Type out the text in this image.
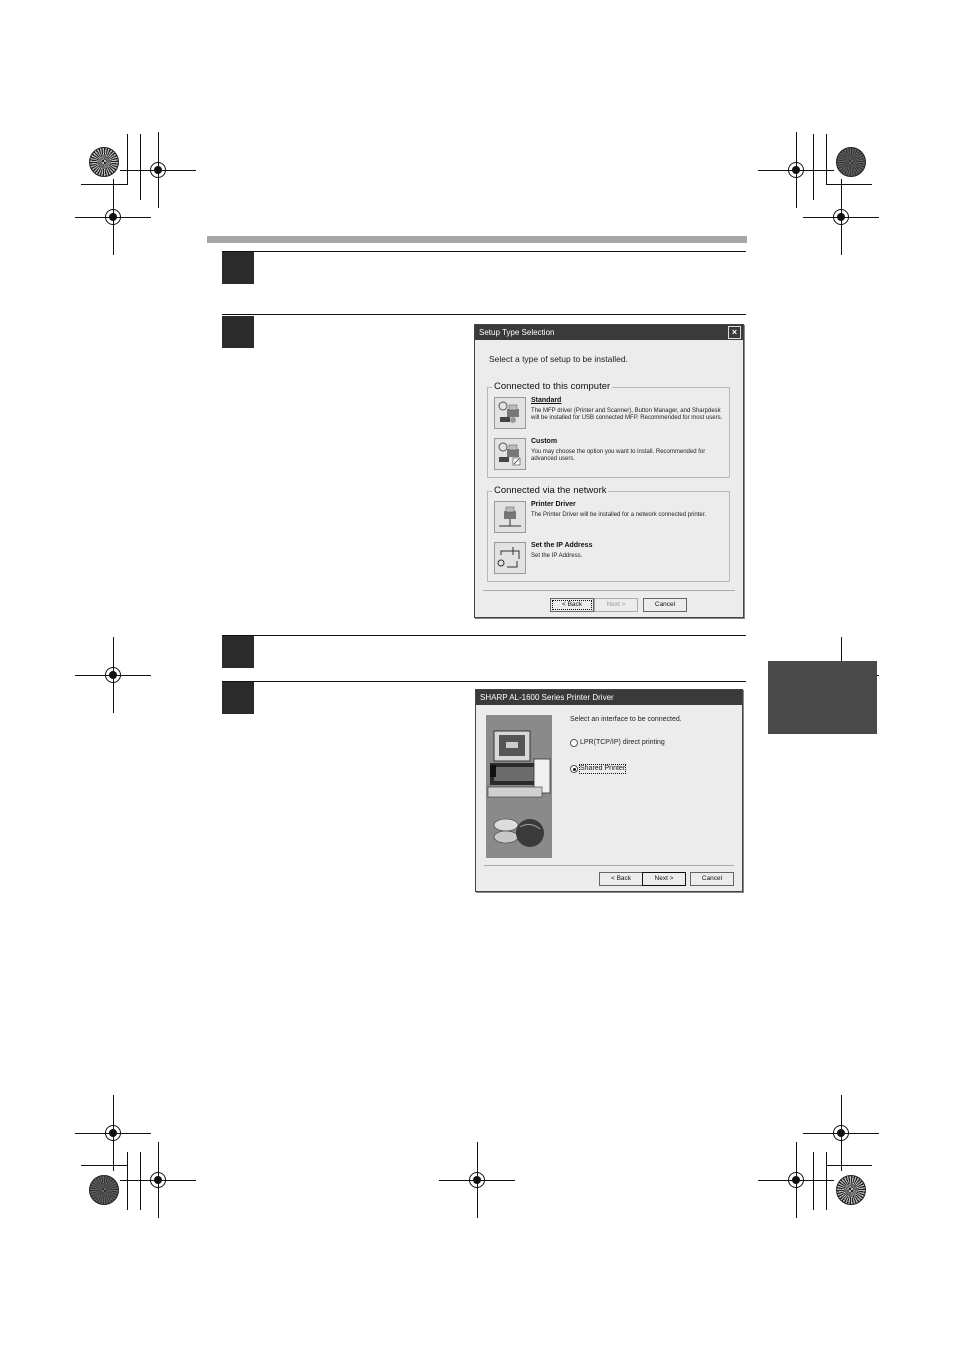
Setup Type Selection	×
Select a type of setup to be installed.
Connected to this computer
Standard
The MFP driver (Printer and Scanner), Button Manager, and Sharpdesk will be installed for USB connected MFP. Recommended for most users.
Custom
You may choose the option you want to install. Recommended for advanced users.
Connected via the network
Printer Driver
The Printer Driver will be installed for a network connected printer.
Set the IP Address
Set the IP Address.
< Back	Next >	Cancel
SHARP AL-1600 Series Printer Driver
Select an interface to be connected.
LPR(TCP/IP) direct printing
Shared Printer
< Back	Next >	Cancel
